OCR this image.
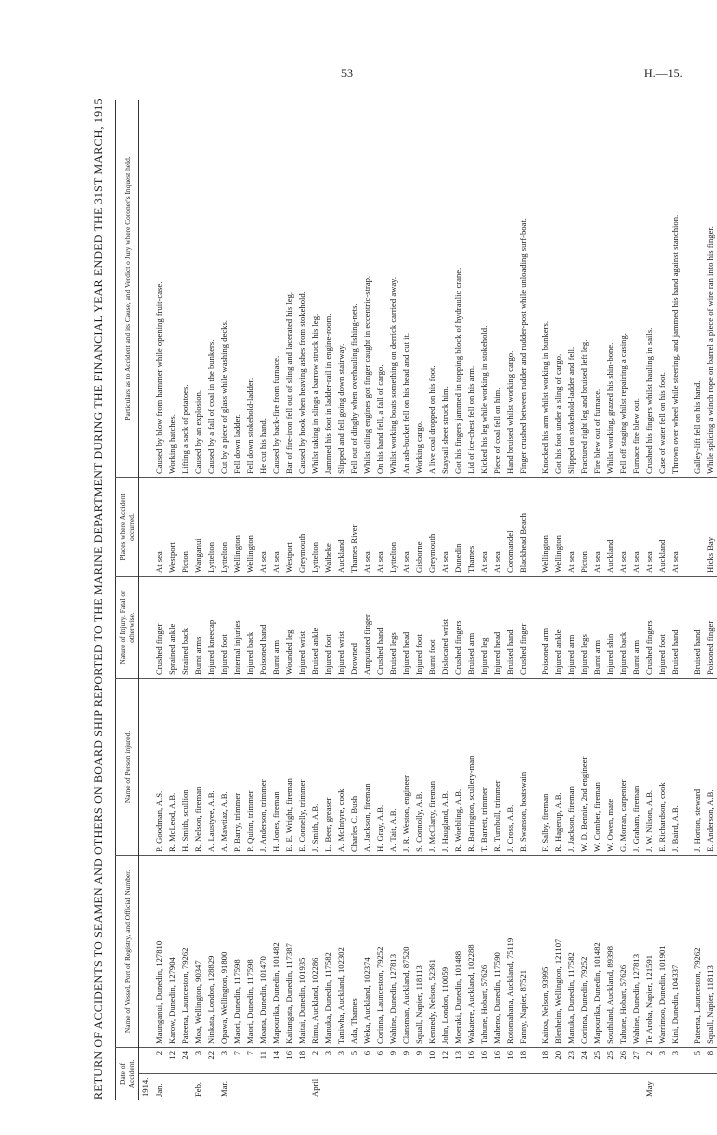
53	H.—15.
RETURN OF ACCIDENTS TO SEAMEN AND OTHERS ON BOARD SHIP REPORTED TO THE MARINE DEPARTMENT DURING THE FINANCIAL YEAR ENDED THE 31ST MARCH, 1915 Date of Accident.		Name of Vessel, Port of Registry, and Official Number.	Name of Person injured.	Nature of Injury. Fatal or otherwise.	Places where Accident occurred.	Particulars as to Accident and its Cause, and Verdict o Jury where Coroner's Inquest held.
1914.						
Jan.	2	Maunganui, Dunedin, 127810	P. Goodman, A.S.	Crushed finger	At sea	Caused by blow from hammer while opening fruit-case.
	12	Karow, Dunedin, 127904	R. McLeod, A.B.	Sprained ankle	Westport	Working hatches.
	24	Pateena, Launceston, 79262	H. Smith, scullion	Strained back	Picton	Lifting a sack of potatoes.
Feb.	3	Moa, Wellington, 90347	R. Nelson, fireman	Burnt arms	Wanganui	Caused by an explosion.
	22	Ninkata, London, 128829	A. Laustyee, A.B.	Injured kneecap	Lyttelton	Caused by a fall of coal in the bunkers.
Mar.	3	Opawa, Wellington, 91800	A. Mawtiaz, A.B.	Injured foot	Lyttelton	Cut by a piece of glass while washing decks.
	7	Maori, Dunedin, 117598	P. Barry, trimmer	Internal injuries	Wellington	Fell down ladder.
	7	Maori, Dunedin, 117598	P. Quinn, trimmer	Injured back	Wellington	Fell down stokehold-ladder.
	11	Moana, Dunedin, 101470	J. Anderson, trimmer	Poisoned hand	At sea	He cut his hand.
	14	Mapourika, Dunedin, 101482	H. Jones, fireman	Burnt arm	At sea	Caused by back-fire from furnace.
	16	Kaitangata, Dunedin, 117387	E. E. Wright, fireman	Wounded leg	Westport	Bar of fire-iron fell out of sling and lacerated his leg.
	18	Maitai, Dunedin, 101935	E. Connelly, trimmer	Injured wrist	Greymouth	Caused by hook when heaving ashes from stokehold.
April	2	Rimu, Auckland, 102286	J. Smith, A.B.	Bruised ankle	Lyttelton	Whilst taking in slings a barrow struck his leg.
	3	Manuka, Dunedin, 117582	L. Beer, greaser	Injured foot	Waiheke	Jammed his foot in ladder-rail in engine-room.
	3	Taniwha, Auckland, 102302	A. McIntyre, cook	Injured wrist	Auckland	Slipped and fell going down stairway.
	5	Ada, Thames	Charles C. Bush	Drowned	Thames River	Fell out of dinghy when overhauling fishing-nets.
	6	Weka, Auckland, 102374	A. Jackson, fireman	Amputated finger	At sea	Whilst oiling engines got finger caught in eccentric-strap.
	6	Corinna, Launceston, 79252	H. Gray, A.B.	Crushed hand	At sea	On his hand fell, a fall of cargo.
	9	Wahine, Dunedin, 127813	A. Tait, A.B.	Bruised legs	Lyttelton	Whilst working boats something on derrick carried away.
	9	Clansman, Auckland, 87520	J. R. Weston, engineer	Injured head	At sea	An ash-bucket fell on his head and cut it.
	9	Squall, Napier, 118113	S. Connolly, A.B.	Injured foot	Gisborne	Working cargo.
	10	Kennedy, Nelson, 52361	J. McClarty, fireman	Burnt foot	Greymouth	A live coal dropped on his foot.
	12	John, London, 110059	J. Haugland, A.B.	Dislocated wrist	At sea	Staysail sheet struck him.
	13	Moeraki, Dunedin, 101488	R. Woebling, A.B.	Crushed fingers	Dunedin	Got his fingers jammed in topping block of hydraulic crane.
	16	Wakatere, Auckland, 102288	R. Barrington, scullery-man	Bruised arm	Thames	Lid of ice-chest fell on his arm.
	16	Tahune, Hobart, 57626	T. Barrett, trimmer	Injured leg	At sea	Kicked his leg while working in stokehold.
	16	Maheno, Dunedin, 117590	R. Turnbull, trimmer	Injured head	At sea	Piece of coal fell on him.
	16	Rotomahana, Auckland, 75119	J. Cross, A.B.	Bruised hand	Coromandel	Hand bruised whilst working cargo.
	18	Fanny, Napier, 87521	B. Swanson, boatswain	Crushed finger	Blackhead Beach	Finger crushed between rudder and rudder-post while unloading surf-boat.

	18	Kaitoa, Nelson, 93995	F. Salby, fireman	Poisoned arm	Wellington	Knocked his arm whilst working in bunkers.
	20	Blenheim, Wellington, 121107	R. Hagerup, A.B.	Injured ankle	Wellington	Got his foot under a sling of cargo.
	23	Manuka, Dunedin, 117582	J. Jackson, fireman	Injured arm	At sea	Slipped on stokehold-ladder and fell.
	24	Corinna, Dunedin, 79252	W. D. Bennie, 2nd engineer	Injured legs	Picton	Fractured right leg and bruised left leg.
	25	Mapourika, Dunedin, 101482	W. Comber, fireman	Burnt arm	At sea	Fire blew out of furnace.
	25	Southland, Auckland, 89398	W. Owen, mate	Injured shin	Auckland	Whilst working, grazed his shin-bone.
	26	Tahune, Hobart, 57626	G. Morran, carpenter	Injured back	At sea	Fell off staging whilst repairing a casing.
	27	Wahine, Dunedin, 127813	J. Graham, fireman	Burnt arm	At sea	Furnace fire blew out.
May	2	Te Aroha, Napier, 121591	J. W. Nilson, A.B.	Crushed fingers	At sea	Crushed his fingers whilst hauling in sails.
	3	Warrimoo, Dunedin, 101901	E. Richardson, cook	Injured foot	Auckland	Case of water fell on his foot.
	3	Kini, Dunedin, 104337	J. Baird, A.B.	Bruised hand	At sea	Thrown over wheel while steering, and jammed his hand against stanchion.

	5	Pateena, Launceston, 79262	J. Horton, steward	Bruised hand		Galley-lift fell on his hand.
	8	Squall, Napier, 118113	E. Anderson, A.B.	Poisoned finger	Hicks Bay	While splicing a winch rope on barrel a piece of wire ran into his finger.
